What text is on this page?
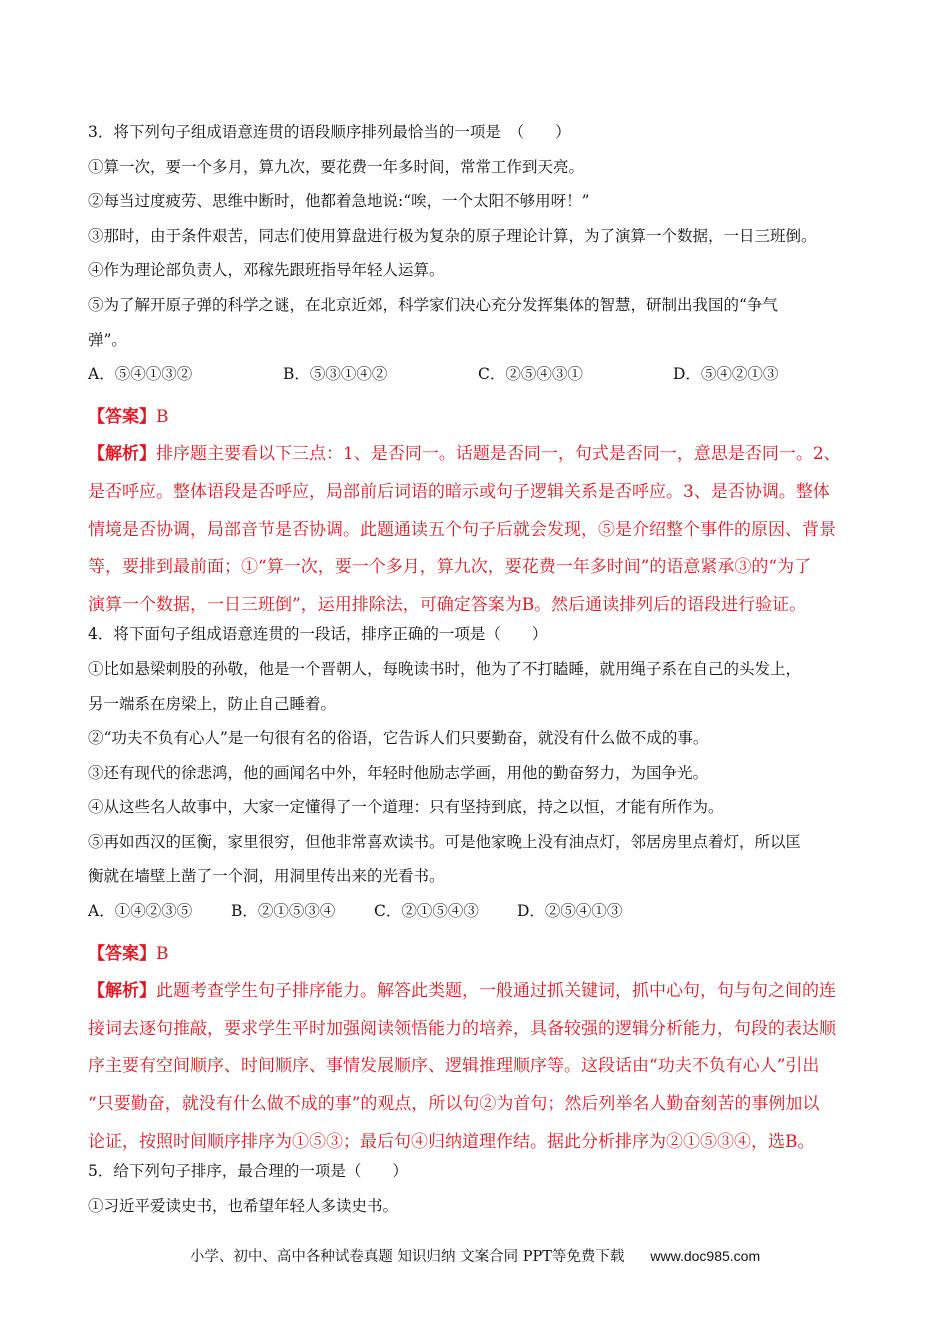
3．将下列句子组成语意连贯的语段顺序排列最恰当的一项是　（　　）

①算一次，要一个多月，算九次，要花费一年多时间，常常工作到天亮。

②每当过度疲劳、思维中断时，他都着急地说:“唉，一个太阳不够用呀！”

③那时，由于条件艰苦，同志们使用算盘进行极为复杂的原子理论计算，为了演算一个数据，一日三班倒。

④作为理论部负责人，邓稼先跟班指导年轻人运算。

⑤为了解开原子弹的科学之谜，在北京近郊，科学家们决心充分发挥集体的智慧，研制出我国的“争气

弹”。

A．⑤④①③②	B．⑤③①④②	C．②⑤④③①	D．⑤④②①③

【答案】B

【解析】排序题主要看以下三点：1、是否同一。话题是否同一，句式是否同一，意思是否同一。2、

是否呼应。整体语段是否呼应，局部前后词语的暗示或句子逻辑关系是否呼应。3、是否协调。整体

情境是否协调，局部音节是否协调。此题通读五个句子后就会发现，⑤是介绍整个事件的原因、背景

等，要排到最前面；①“算一次，要一个多月，算九次，要花费一年多时间”的语意紧承③的“为了

演算一个数据，一日三班倒”，运用排除法，可确定答案为B。然后通读排列后的语段进行验证。

4．将下面句子组成语意连贯的一段话，排序正确的一项是（　　）

①比如悬梁刺股的孙敬，他是一个晋朝人，每晚读书时，他为了不打瞌睡，就用绳子系在自己的头发上，

另一端系在房梁上，防止自己睡着。

②“功夫不负有心人”是一句很有名的俗语，它告诉人们只要勤奋，就没有什么做不成的事。

③还有现代的徐悲鸿，他的画闻名中外，年轻时他励志学画，用他的勤奋努力，为国争光。

④从这些名人故事中，大家一定懂得了一个道理：只有坚持到底，持之以恒，才能有所作为。

⑤再如西汉的匡衡，家里很穷，但他非常喜欢读书。可是他家晚上没有油点灯，邻居房里点着灯，所以匡

衡就在墙壁上凿了一个洞，用洞里传出来的光看书。

A．①④②③⑤	B．②①⑤③④	C．②①⑤④③	D．②⑤④①③

【答案】B

【解析】此题考查学生句子排序能力。解答此类题，一般通过抓关键词，抓中心句，句与句之间的连

接词去逐句推敲，要求学生平时加强阅读领悟能力的培养，具备较强的逻辑分析能力，句段的表达顺

序主要有空间顺序、时间顺序、事情发展顺序、逻辑推理顺序等。这段话由“功夫不负有心人”引出

“只要勤奋，就没有什么做不成的事”的观点，所以句②为首句；然后列举名人勤奋刻苦的事例加以

论证，按照时间顺序排序为①⑤③；最后句④归纳道理作结。据此分析排序为②①⑤③④，选B。

5．给下列句子排序，最合理的一项是（　　）

①习近平爱读史书，也希望年轻人多读史书。

小学、初中、高中各种试卷真题 知识归纳 文案合同 PPT等免费下载 www.doc985.com
